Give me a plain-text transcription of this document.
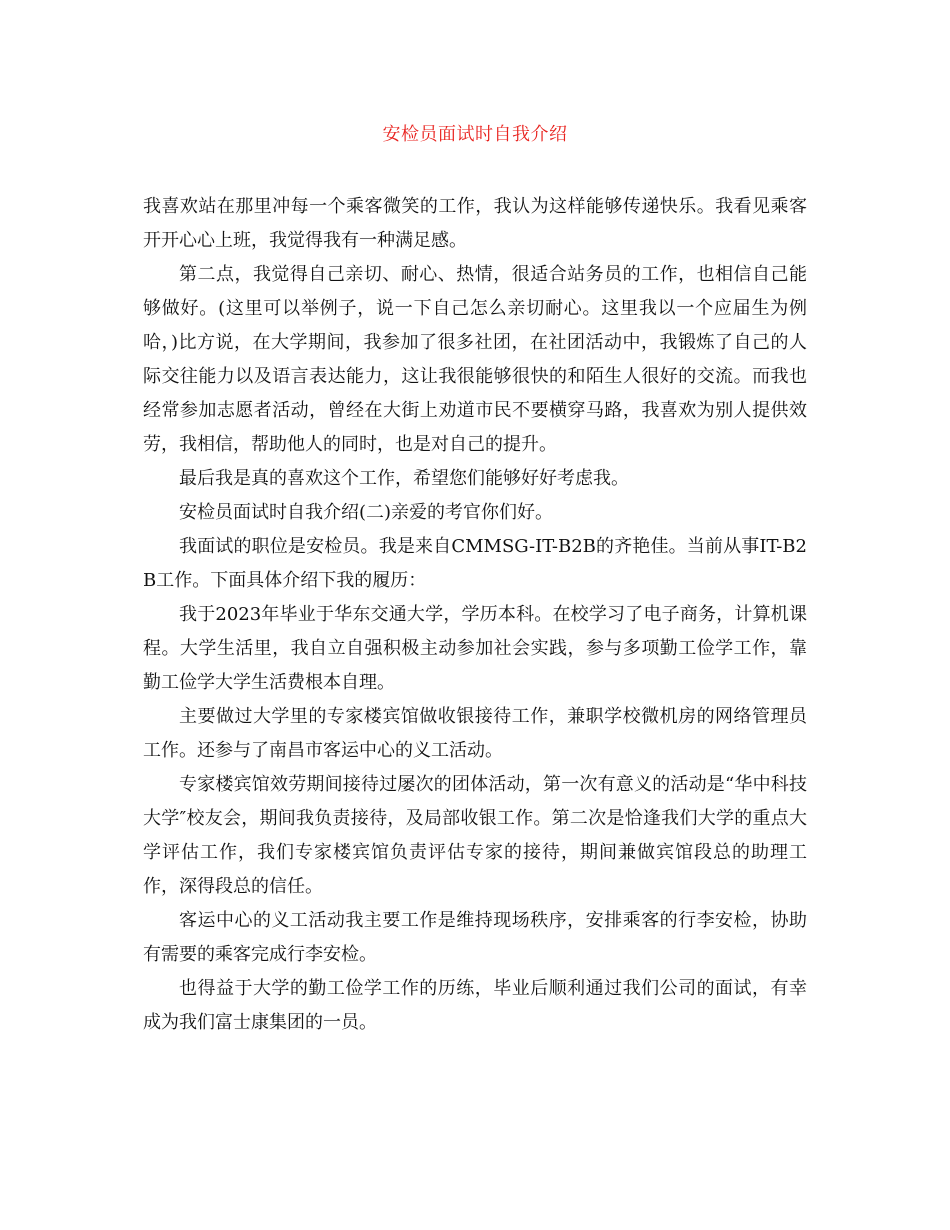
安检员面试时自我介绍

我喜欢站在那里冲每一个乘客微笑的工作，我认为这样能够传递快乐。我看见乘客开开心心上班，我觉得我有一种满足感。

第二点，我觉得自己亲切、耐心、热情，很适合站务员的工作，也相信自己能够做好。(这里可以举例子，说一下自己怎么亲切耐心。这里我以一个应届生为例哈，)比方说，在大学期间，我参加了很多社团，在社团活动中，我锻炼了自己的人际交往能力以及语言表达能力，这让我很能够很快的和陌生人很好的交流。而我也经常参加志愿者活动，曾经在大街上劝道市民不要横穿马路，我喜欢为别人提供效劳，我相信，帮助他人的同时，也是对自己的提升。

最后我是真的喜欢这个工作，希望您们能够好好考虑我。

安检员面试时自我介绍(二)亲爱的考官你们好。

我面试的职位是安检员。我是来自CMMSG-IT-B2B的齐艳佳。当前从事IT-B2B工作。下面具体介绍下我的履历：

我于2023年毕业于华东交通大学，学历本科。在校学习了电子商务，计算机课程。大学生活里，我自立自强积极主动参加社会实践，参与多项勤工俭学工作，靠勤工俭学大学生活费根本自理。

主要做过大学里的专家楼宾馆做收银接待工作，兼职学校微机房的网络管理员工作。还参与了南昌市客运中心的义工活动。

专家楼宾馆效劳期间接待过屡次的团体活动，第一次有意义的活动是“华中科技大学″校友会，期间我负责接待，及局部收银工作。第二次是恰逢我们大学的重点大学评估工作，我们专家楼宾馆负责评估专家的接待，期间兼做宾馆段总的助理工作，深得段总的信任。

客运中心的义工活动我主要工作是维持现场秩序，安排乘客的行李安检，协助有需要的乘客完成行李安检。

也得益于大学的勤工俭学工作的历练，毕业后顺利通过我们公司的面试，有幸成为我们富士康集团的一员。
